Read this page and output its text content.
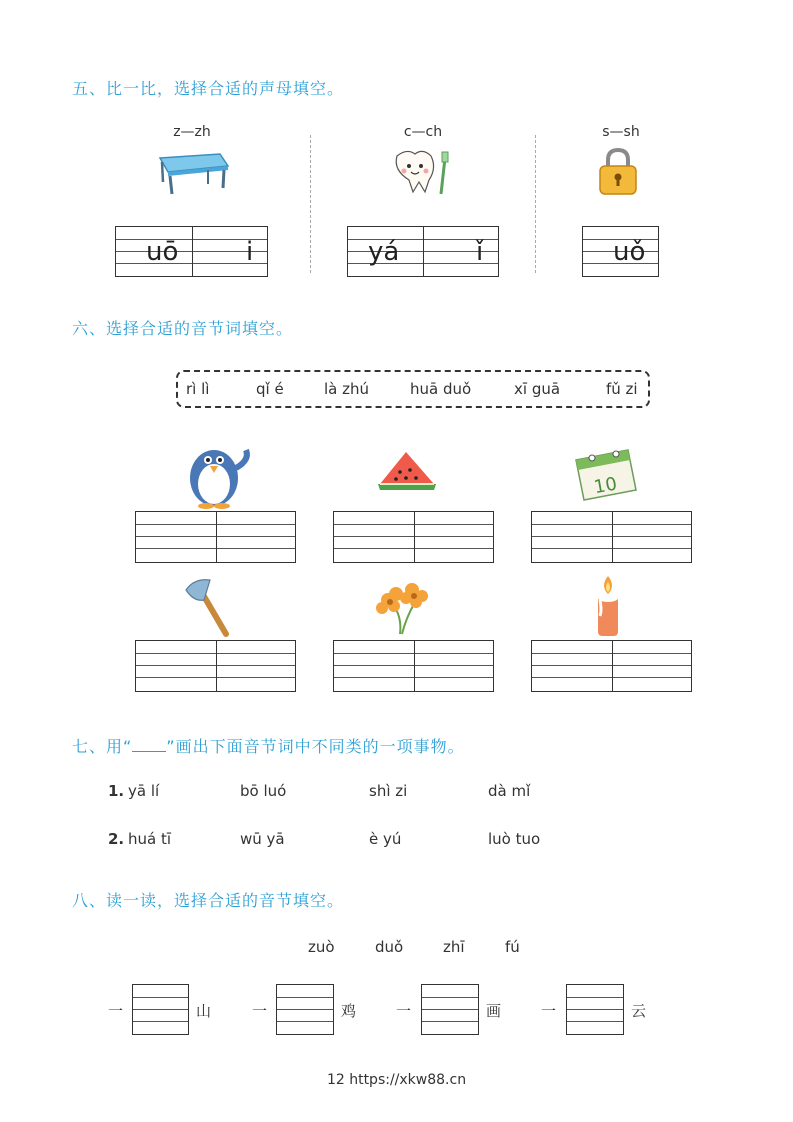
五、比一比，选择合适的声母填空。
z—zh	c—ch	s—sh
uō	i	yá	ǐ	uǒ
六、选择合适的音节词填空。
rì lì	qǐ é	là zhú	huā duǒ	xī guā	fǔ zi
10
七、用“ ”画出下面音节词中不同类的一项事物。
1. yā lí	bō luó	shì zi	dà mǐ
2. huá tī	wū yā	è yú	luò tuo
八、读一读，选择合适的音节填空。
zuò	duǒ	zhī	fú
一	山	一	鸡	一	画	一	云
12 https://xkw88.cn
